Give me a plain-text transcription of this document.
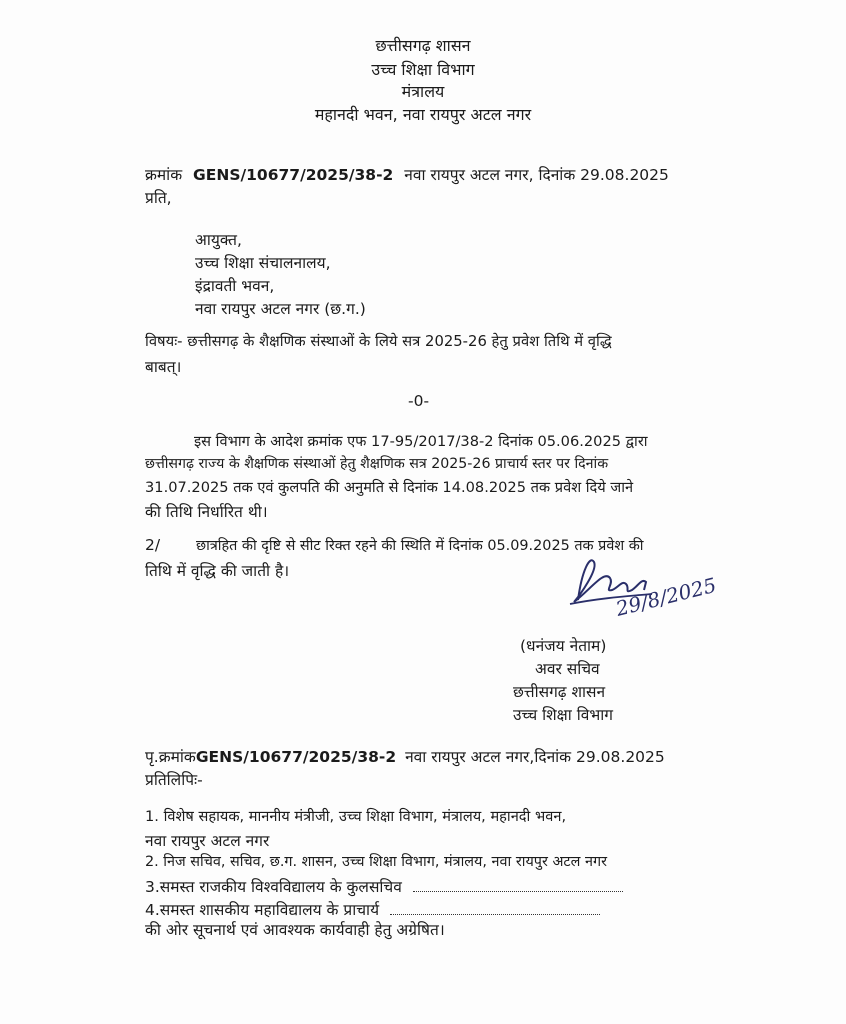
छत्तीसगढ़ शासन
उच्च शिक्षा विभाग
मंत्रालय
महानदी भवन, नवा रायपुर अटल नगर
क्रमांक GENS/10677/2025/38-2 नवा रायपुर अटल नगर, दिनांक 29.08.2025
प्रति,
आयुक्त,
उच्च शिक्षा संचालनालय,
इंद्रावती भवन,
नवा रायपुर अटल नगर (छ.ग.)
विषयः- छत्तीसगढ़ के शैक्षणिक संस्थाओं के लिये सत्र 2025-26 हेतु प्रवेश तिथि में वृद्धि
बाबत्।
-0-
इस विभाग के आदेश क्रमांक एफ 17-95/2017/38-2 दिनांक 05.06.2025 द्वारा
छत्तीसगढ़ राज्य के शैक्षणिक संस्थाओं हेतु शैक्षणिक सत्र 2025-26 प्राचार्य स्तर पर दिनांक
31.07.2025 तक एवं कुलपति की अनुमति से दिनांक 14.08.2025 तक प्रवेश दिये जाने
की तिथि निर्धारित थी।
2/ छात्रहित की दृष्टि से सीट रिक्त रहने की स्थिति में दिनांक 05.09.2025 तक प्रवेश की
तिथि में वृद्धि की जाती है।
29/8/2025
(धनंजय नेताम)
अवर सचिव
छत्तीसगढ़ शासन
उच्च शिक्षा विभाग
पृ.क्रमांकGENS/10677/2025/38-2 नवा रायपुर अटल नगर,दिनांक 29.08.2025
प्रतिलिपिः-
1. विशेष सहायक, माननीय मंत्रीजी, उच्च शिक्षा विभाग, मंत्रालय, महानदी भवन,
नवा रायपुर अटल नगर
2. निज सचिव, सचिव, छ.ग. शासन, उच्च शिक्षा विभाग, मंत्रालय, नवा रायपुर अटल नगर
3.समस्त राजकीय विश्वविद्यालय के कुलसचिव
4.समस्त शासकीय महाविद्यालय के प्राचार्य
की ओर सूचनार्थ एवं आवश्यक कार्यवाही हेतु अग्रेषित।
